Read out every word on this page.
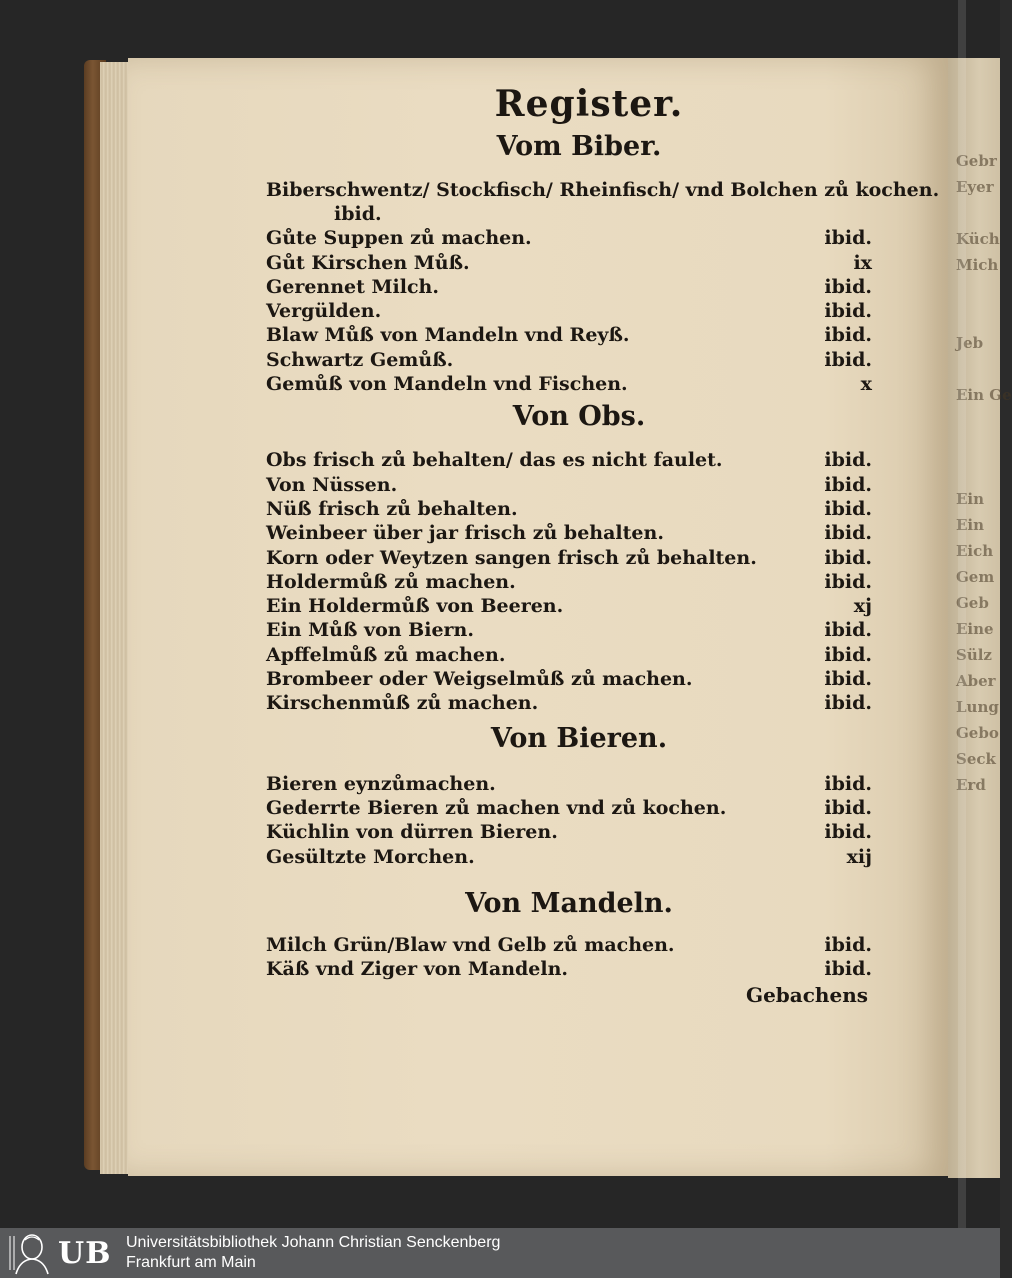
Gebr
Eyer

Küch
Mich

Jeb

Ein Ge

Ein
Ein
Eich
Gem
Geb
Eine
Sülz
Aber
Lung
Gebo
Seck
Erd
Register.
Vom Biber.
Biberschwentz/ Stockfisch/ Rheinfisch/ vnd Bolchen zů kochen.
ibid.
Gůte Suppen zů machen.	ibid.
Gůt Kirschen Můß.	ix
Gerennet Milch.	ibid.
Vergülden.	ibid.
Blaw Můß von Mandeln vnd Reyß.	ibid.
Schwartz Gemůß.	ibid.
Gemůß von Mandeln vnd Fischen.	x
Von Obs.
Obs frisch zů behalten/ das es nicht faulet.	ibid.
Von Nüssen.	ibid.
Nüß frisch zů behalten.	ibid.
Weinbeer über jar frisch zů behalten.	ibid.
Korn oder Weytzen sangen frisch zů behalten.	ibid.
Holdermůß zů machen.	ibid.
Ein Holdermůß von Beeren.	xj
Ein Můß von Biern.	ibid.
Apffelmůß zů machen.	ibid.
Brombeer oder Weigselmůß zů machen.	ibid.
Kirschenmůß zů machen.	ibid.
Von Bieren.
Bieren eynzůmachen.	ibid.
Gederrte Bieren zů machen vnd zů kochen.	ibid.
Küchlin von dürren Bieren.	ibid.
Gesültzte Morchen.	xij
Von Mandeln.
Milch Grün/Blaw vnd Gelb zů machen.	ibid.
Käß vnd Ziger von Mandeln.	ibid.
Gebachens
UB Universitätsbibliothek Johann Christian Senckenberg
Frankfurt am Main
